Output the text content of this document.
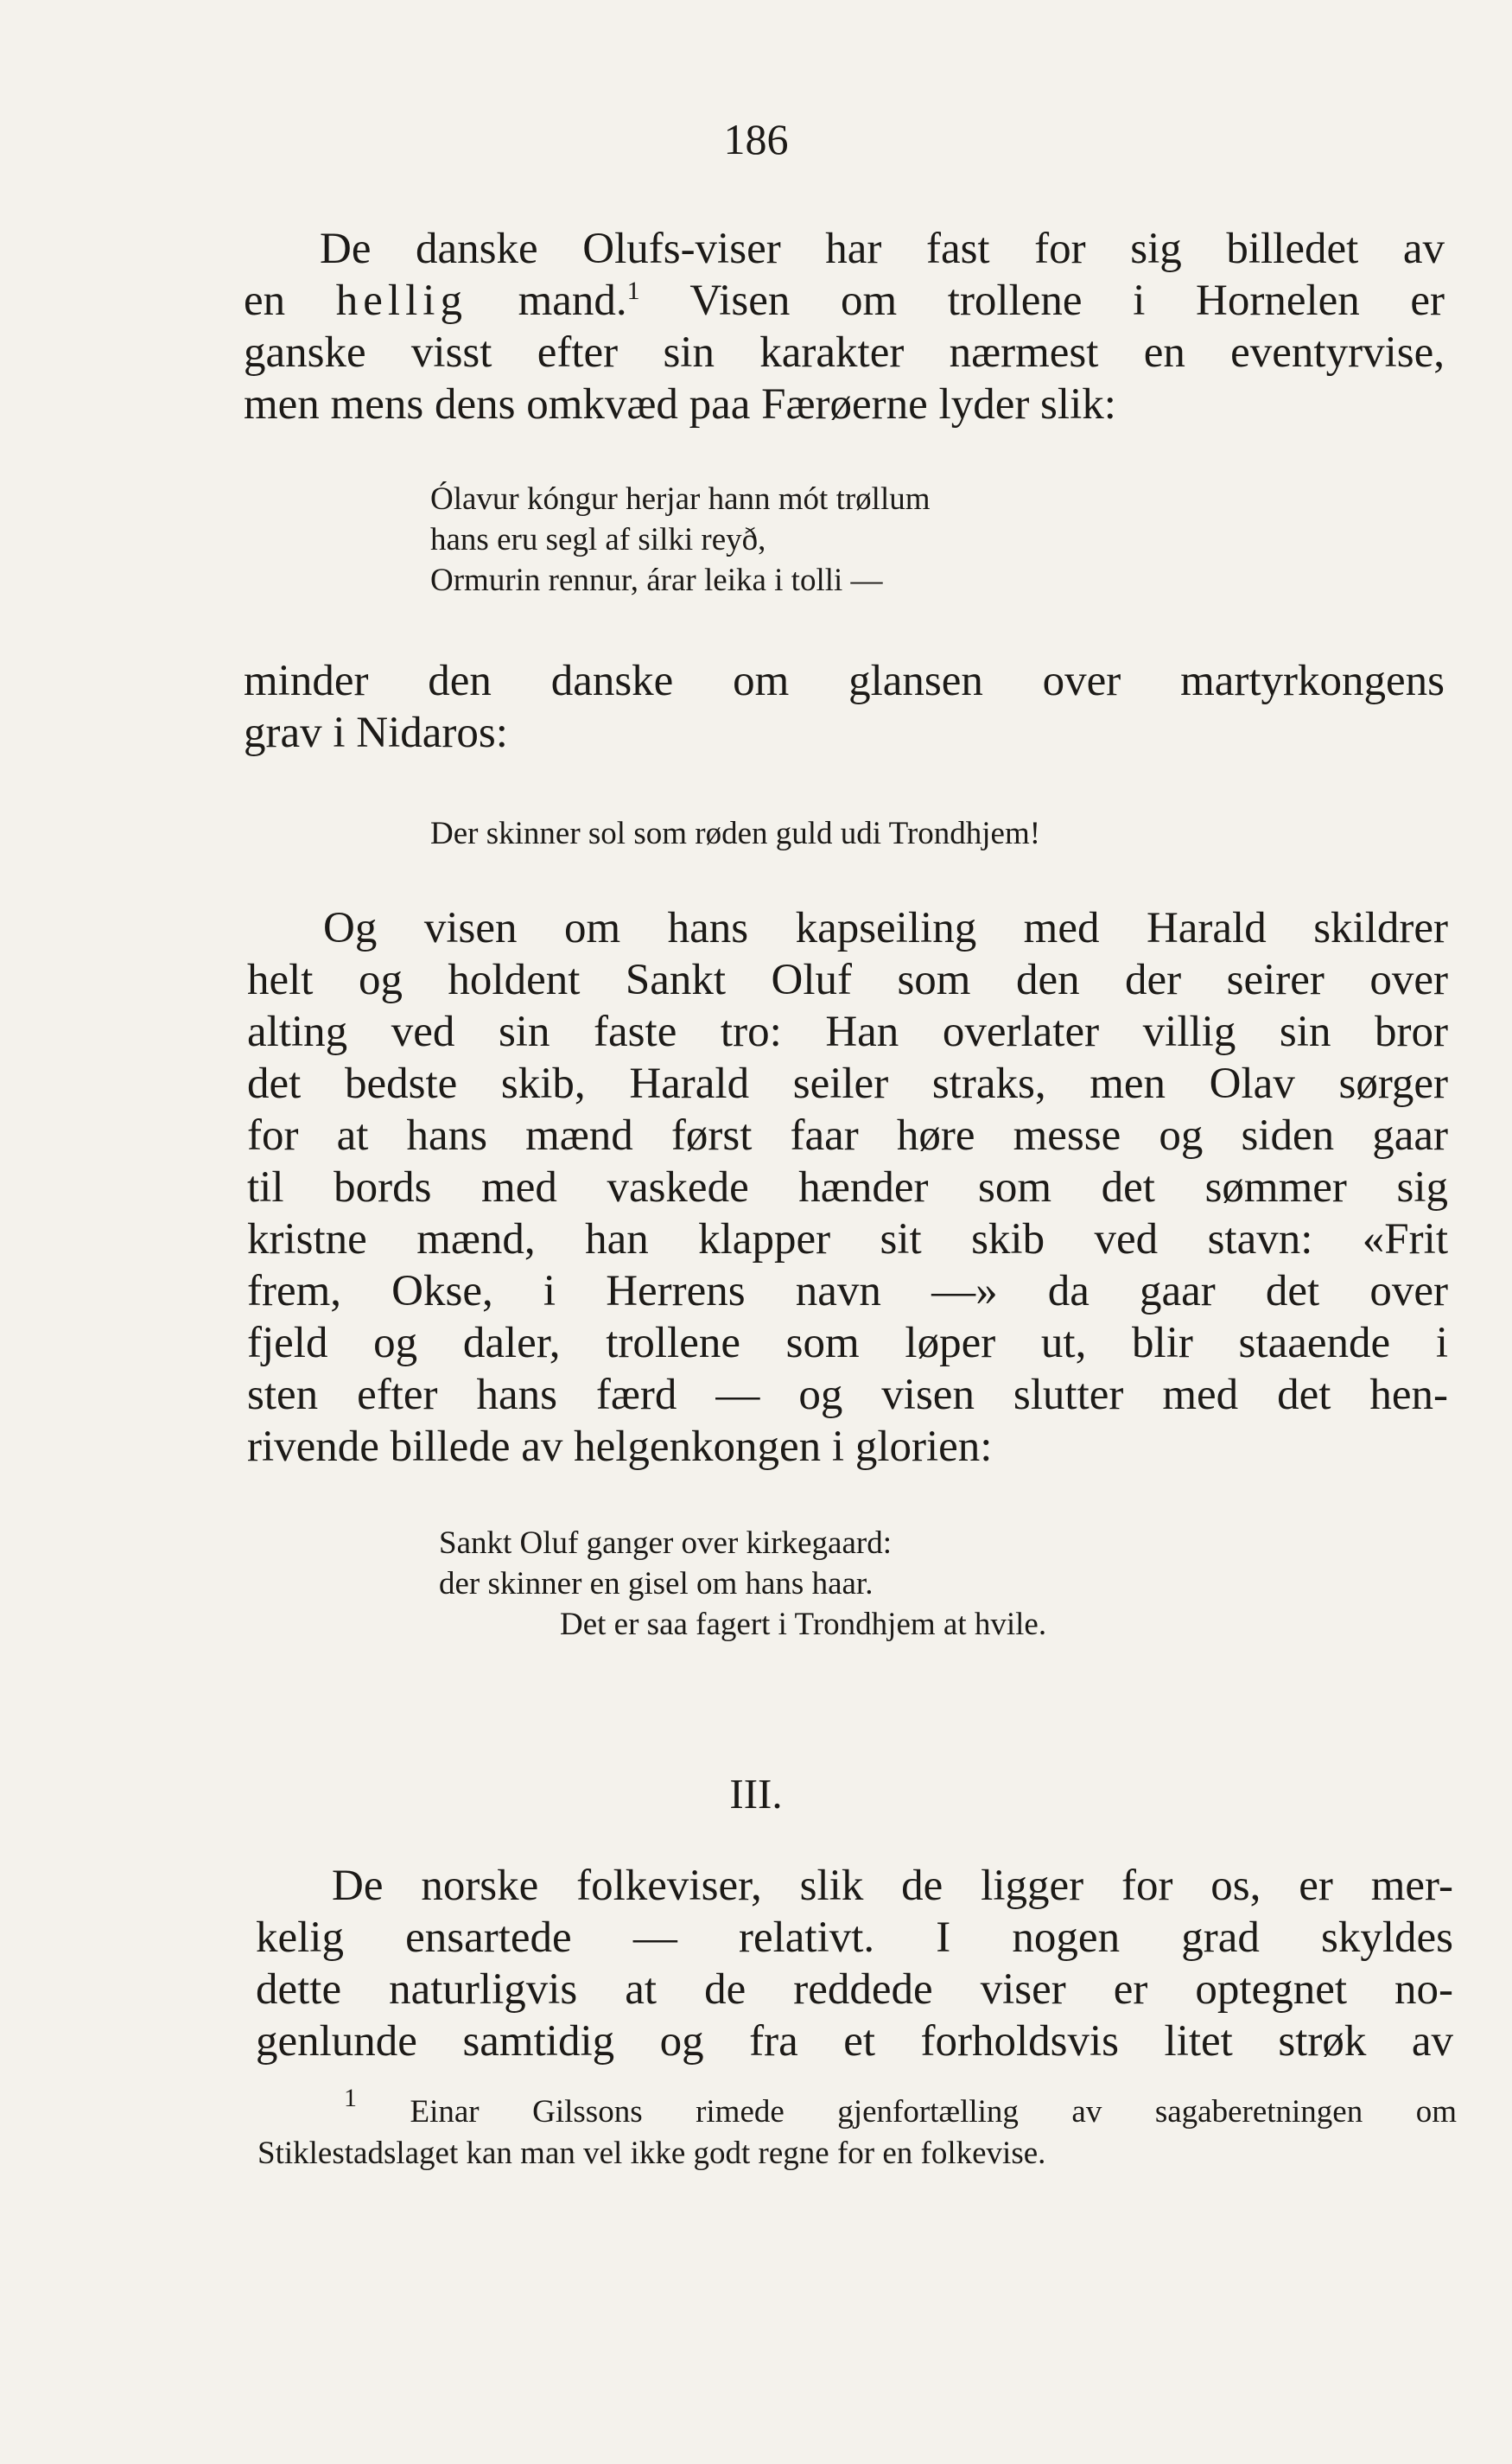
186
De danske Olufs-viser har fast for sig billedet av
en hellig mand.$^1$ Visen om trollene i Hornelen er
ganske visst efter sin karakter nærmest en eventyrvise,
men mens dens omkvæd paa Færøerne lyder slik:
Ólavur kóngur herjar hann mót trøllum
hans eru segl af silki reyð,
Ormurin rennur, árar leika i tolli —
minder den danske om glansen over martyrkongens
grav i Nidaros:
Der skinner sol som røden guld udi Trondhjem!
Og visen om hans kapseiling med Harald skildrer
helt og holdent Sankt Oluf som den der seirer over
alting ved sin faste tro: Han overlater villig sin bror
det bedste skib, Harald seiler straks, men Olav sørger
for at hans mænd først faar høre messe og siden gaar
til bords med vaskede hænder som det sømmer sig
kristne mænd, han klapper sit skib ved stavn: «Frit
frem, Okse, i Herrens navn —» da gaar det over
fjeld og daler, trollene som løper ut, blir staaende i
sten efter hans færd — og visen slutter med det hen-
rivende billede av helgenkongen i glorien:
Sankt Oluf ganger over kirkegaard:
der skinner en gisel om hans haar.
Det er saa fagert i Trondhjem at hvile.
III.
De norske folkeviser, slik de ligger for os, er mer-
kelig ensartede — relativt. I nogen grad skyldes
dette naturligvis at de reddede viser er optegnet no-
genlunde samtidig og fra et forholdsvis litet strøk av
$^1$ Einar Gilssons rimede gjenfortælling av sagaberetningen om
Stiklestadslaget kan man vel ikke godt regne for en folkevise.
